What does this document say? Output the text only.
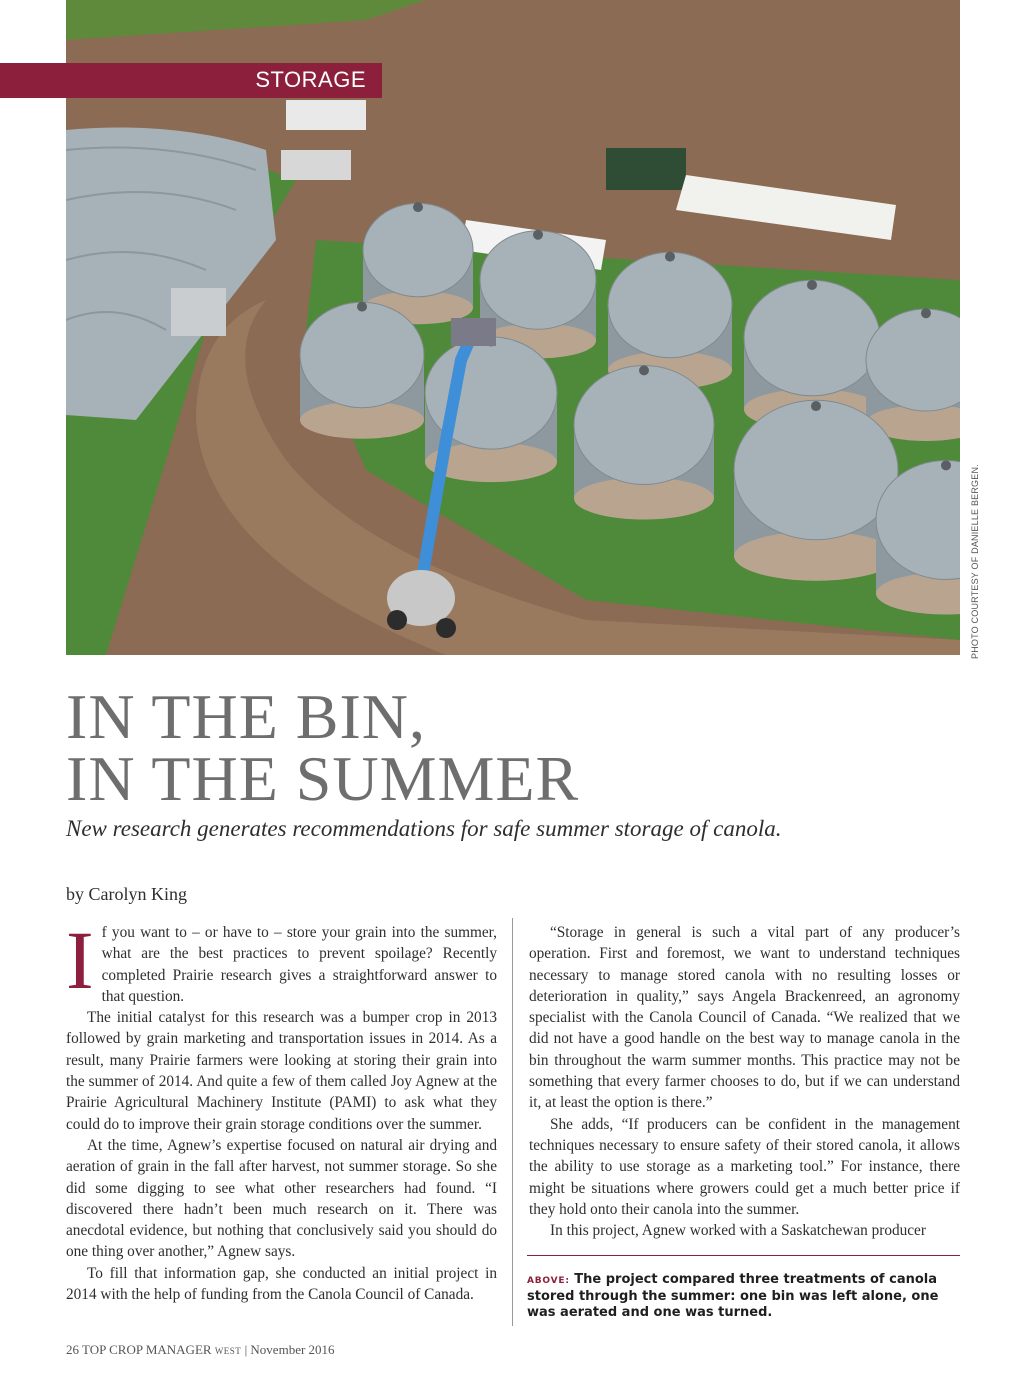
STORAGE
PHOTO COURTESY OF DANIELLE BERGEN.
IN THE BIN,
IN THE SUMMER

New research generates recommendations for safe summer storage of canola.

by Carolyn King
I f you want to – or have to – store your grain into the summer, what are the best practices to prevent spoilage? Recently completed Prairie research gives a straightforward answer to that question.

The initial catalyst for this research was a bumper crop in 2013 followed by grain marketing and transportation issues in 2014. As a result, many Prairie farmers were looking at storing their grain into the summer of 2014. And quite a few of them called Joy Agnew at the Prairie Agricultural Machinery Institute (PAMI) to ask what they could do to improve their grain storage conditions over the summer.

At the time, Agnew’s expertise focused on natural air drying and aeration of grain in the fall after harvest, not summer storage. So she did some digging to see what other researchers had found. “I discovered there hadn’t been much research on it. There was anecdotal evidence, but nothing that conclusively said you should do one thing over another,” Agnew says.

To fill that information gap, she conducted an initial project in 2014 with the help of funding from the Canola Council of Canada.

“Storage in general is such a vital part of any producer’s operation. First and foremost, we want to understand techniques necessary to manage stored canola with no resulting losses or deterioration in quality,” says Angela Brackenreed, an agronomy specialist with the Canola Council of Canada. “We realized that we did not have a good handle on the best way to manage canola in the bin throughout the warm summer months. This practice may not be something that every farmer chooses to do, but if we can understand it, at least the option is there.”

She adds, “If producers can be confident in the management techniques necessary to ensure safety of their stored canola, it allows the ability to use storage as a marketing tool.” For instance, there might be situations where growers could get a much better price if they hold onto their canola into the summer.

In this project, Agnew worked with a Saskatchewan producer

ABOVE: The project compared three treatments of canola stored through the summer: one bin was left alone, one was aerated and one was turned.

26 TOP CROP MANAGER WEST | November 2016
